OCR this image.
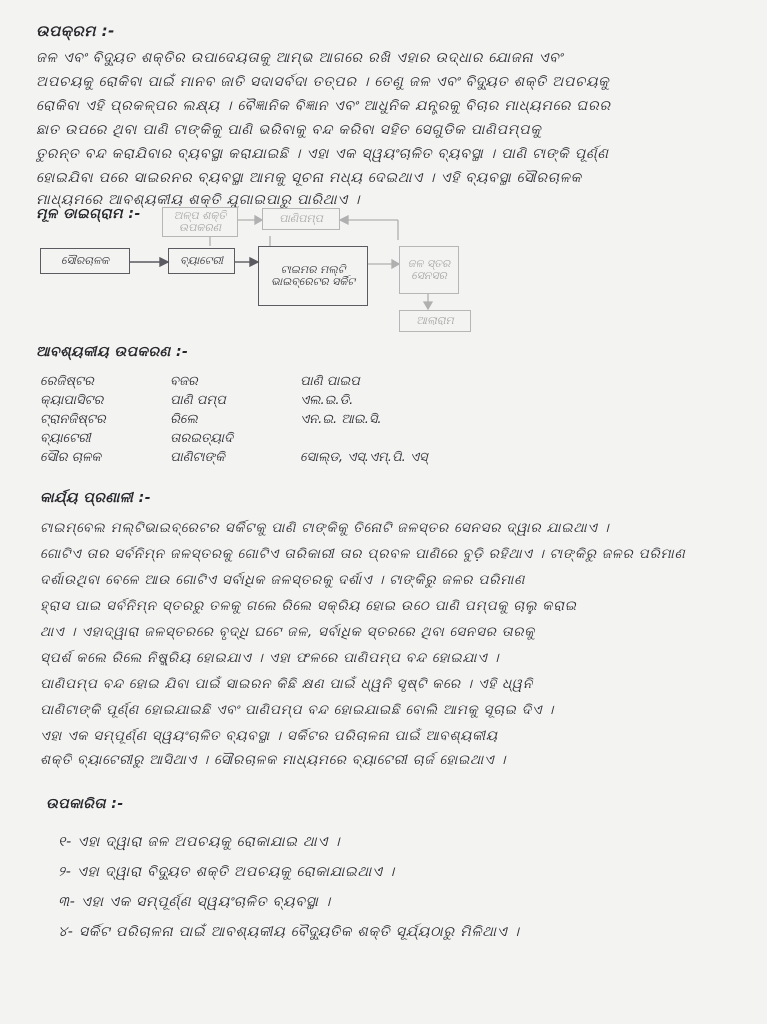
ଉପକ୍ରମ :-
ଜଳ ଏବଂ ବିଦ୍ୟୁତ ଶକ୍ତିର ଉପାଦେୟତାକୁ ଆମ୍ଭ ଆଗରେ ରଖି ଏହାର ଉଦ୍ଧାର ଯୋଜନା ଏବଂ
ଅପଚୟକୁ ରୋକିବା ପାଇଁ ମାନବ ଜାତି ସଦାସର୍ବଦା ତତ୍ପର । ତେଣୁ ଜଳ ଏବଂ ବିଦ୍ୟୁତ ଶକ୍ତି ଅପଚୟକୁ
ରୋକିବା ଏହି ପ୍ରକଳ୍ପର ଲକ୍ଷ୍ୟ । ବୈଜ୍ଞାନିକ ବିଜ୍ଞାନ ଏବଂ ଆଧୁନିକ ଯନ୍ତ୍ରକୁ ବିଚାର ମାଧ୍ୟମରେ ଘରର
ଛାତ ଉପରେ ଥିବା ପାଣି ଟାଙ୍କିକୁ ପାଣି ଭରିବାକୁ ବନ୍ଦ କରିବା ସହିତ ସେଗୁଡିକ ପାଣିପମ୍ପକୁ
ତୁରନ୍ତ ବନ୍ଦ କରାଯିବାର ବ୍ୟବସ୍ଥା କରାଯାଇଛି । ଏହା ଏକ ସ୍ୱୟଂଚାଳିତ ବ୍ୟବସ୍ଥା । ପାଣି ଟାଙ୍କି ପୂର୍ଣ୍ଣ
ହୋଇଯିବା ପରେ ସାଇରନର ବ୍ୟବସ୍ଥା ଆମକୁ ସୂଚନା ମଧ୍ୟ ଦେଇଥାଏ । ଏହି ବ୍ୟବସ୍ଥା ସୌରଚାଳକ
ମାଧ୍ୟମରେ ଆବଶ୍ୟକୀୟ ଶକ୍ତି ଯୁଗାଇପାରୁ ପାରିଥାଏ ।
ମୂଳ ଡାଇଗ୍ରାମ :-	ଅଳ୍ପ ଶକ୍ତି ଉପକରଣ
ପାଣିପମ୍ପ
ସୌରଚାଳକ	ବ୍ୟାଟେରୀ
ଟାଇମର ମଲ୍ଟି ଭାଇବ୍ରେଟର ସର୍କିଟ
ଜଳ ସ୍ତର ସେନସର
ଆଲାରାମ
ଆବଶ୍ୟକୀୟ ଉପକରଣ :-
ରେଜିଷ୍ଟର	ବଜର	ପାଣି ପାଇପ
କ୍ୟାପାସିଟର	ପାଣି ପମ୍ପ	ଏଲ.ଇ.ଡି.
ଟ୍ରାନଜିଷ୍ଟର	ରିଲେ	ଏନ.ଇ. ଆଇ.ସି.
ବ୍ୟାଟେରୀ	ତାରଇତ୍ୟାଦି
ସୌର ଚାଳକ	ପାଣିଟାଙ୍କି	ସୋଲ୍ଡ, ଏସ୍.ଏମ୍.ପି. ଏସ୍
କାର୍ଯ୍ୟ ପ୍ରଣାଳୀ :-
ଟାଇମ୍ବେଲ ମଲ୍ଟିଭାଇବ୍ରେଟର ସର୍କିଟକୁ ପାଣି ଟାଙ୍କିକୁ ତିନୋଟି ଜଳସ୍ତର ସେନସର ଦ୍ୱାର ଯାଇଥାଏ ।
ଗୋଟିଏ ତାର ସର୍ବନିମ୍ନ ଜଳସ୍ତରକୁ ଗୋଟିଏ ତାରିକାରୀ ତାର ପ୍ରବଳ ପାଣିରେ ବୁଡ଼ି ରହିଥାଏ । ଟାଙ୍କିରୁ ଜଳର ପରିମାଣ
ଦର୍ଶାଉଥିବା ବେଳେ ଆଉ ଗୋଟିଏ ସର୍ବାଧିକ ଜଳସ୍ତରକୁ ଦର୍ଶାଏ । ଟାଙ୍କିରୁ ଜଳର ପରିମାଣ
ହ୍ରାସ ପାଇ ସର୍ବନିମ୍ନ ସ୍ତରରୁ ତଳକୁ ଗଲେ ରିଲେ ସକ୍ରିୟ ହୋଇ ଉଠେ ପାଣି ପମ୍ପକୁ ଚାଲୁ କରାଇ
ଥାଏ । ଏହାଦ୍ୱାରା ଜଳସ୍ତରରେ ବୃଦ୍ଧି ଘଟେ ଜଳ, ସର୍ବାଧିକ ସ୍ତରରେ ଥିବା ସେନସର ତାରକୁ
ସ୍ପର୍ଶ କଲେ ରିଲେ ନିଷ୍କ୍ରିୟ ହୋଇଯାଏ । ଏହା ଫଳରେ ପାଣିପମ୍ପ ବନ୍ଦ ହୋଇଯାଏ ।
ପାଣିପମ୍ପ ବନ୍ଦ ହୋଇ ଯିବା ପାଇଁ ସାଇରନ କିଛି କ୍ଷଣ ପାଇଁ ଧ୍ୱନି ସୃଷ୍ଟି କରେ । ଏହି ଧ୍ୱନି
ପାଣିଟାଙ୍କି ପୂର୍ଣ୍ଣ ହୋଇଯାଇଛି ଏବଂ ପାଣିପମ୍ପ ବନ୍ଦ ହୋଇଯାଇଛି ବୋଲି ଆମକୁ ସୂଚାଇ ଦିଏ ।
ଏହା ଏକ ସମ୍ପୂର୍ଣ୍ଣ ସ୍ୱୟଂଚାଳିତ ବ୍ୟବସ୍ଥା । ସର୍କିଟର ପରିଚାଳନା ପାଇଁ ଆବଶ୍ୟକୀୟ
ଶକ୍ତି ବ୍ୟାଟେରୀରୁ ଆସିଥାଏ । ସୌରଚାଳକ ମାଧ୍ୟମରେ ବ୍ୟାଟେରୀ ଚାର୍ଜ ହୋଇଥାଏ ।
ଉପକାରିତା :-
୧- ଏହା ଦ୍ୱାରା ଜଳ ଅପଚୟକୁ ରୋକାଯାଇ ଥାଏ ।
୨- ଏହା ଦ୍ୱାରା ବିଦ୍ୟୁତ ଶକ୍ତି ଅପଚୟକୁ ରୋକାଯାଇଥାଏ ।
୩- ଏହା ଏକ ସମ୍ପୂର୍ଣ୍ଣ ସ୍ୱୟଂଚାଳିତ ବ୍ୟବସ୍ଥା ।
୪- ସର୍କିଟ ପରିଚାଳନା ପାଇଁ ଆବଶ୍ୟକୀୟ ବୈଦ୍ୟୁତିକ ଶକ୍ତି ସୂର୍ଯ୍ୟଠାରୁ ମିଳିଥାଏ ।
